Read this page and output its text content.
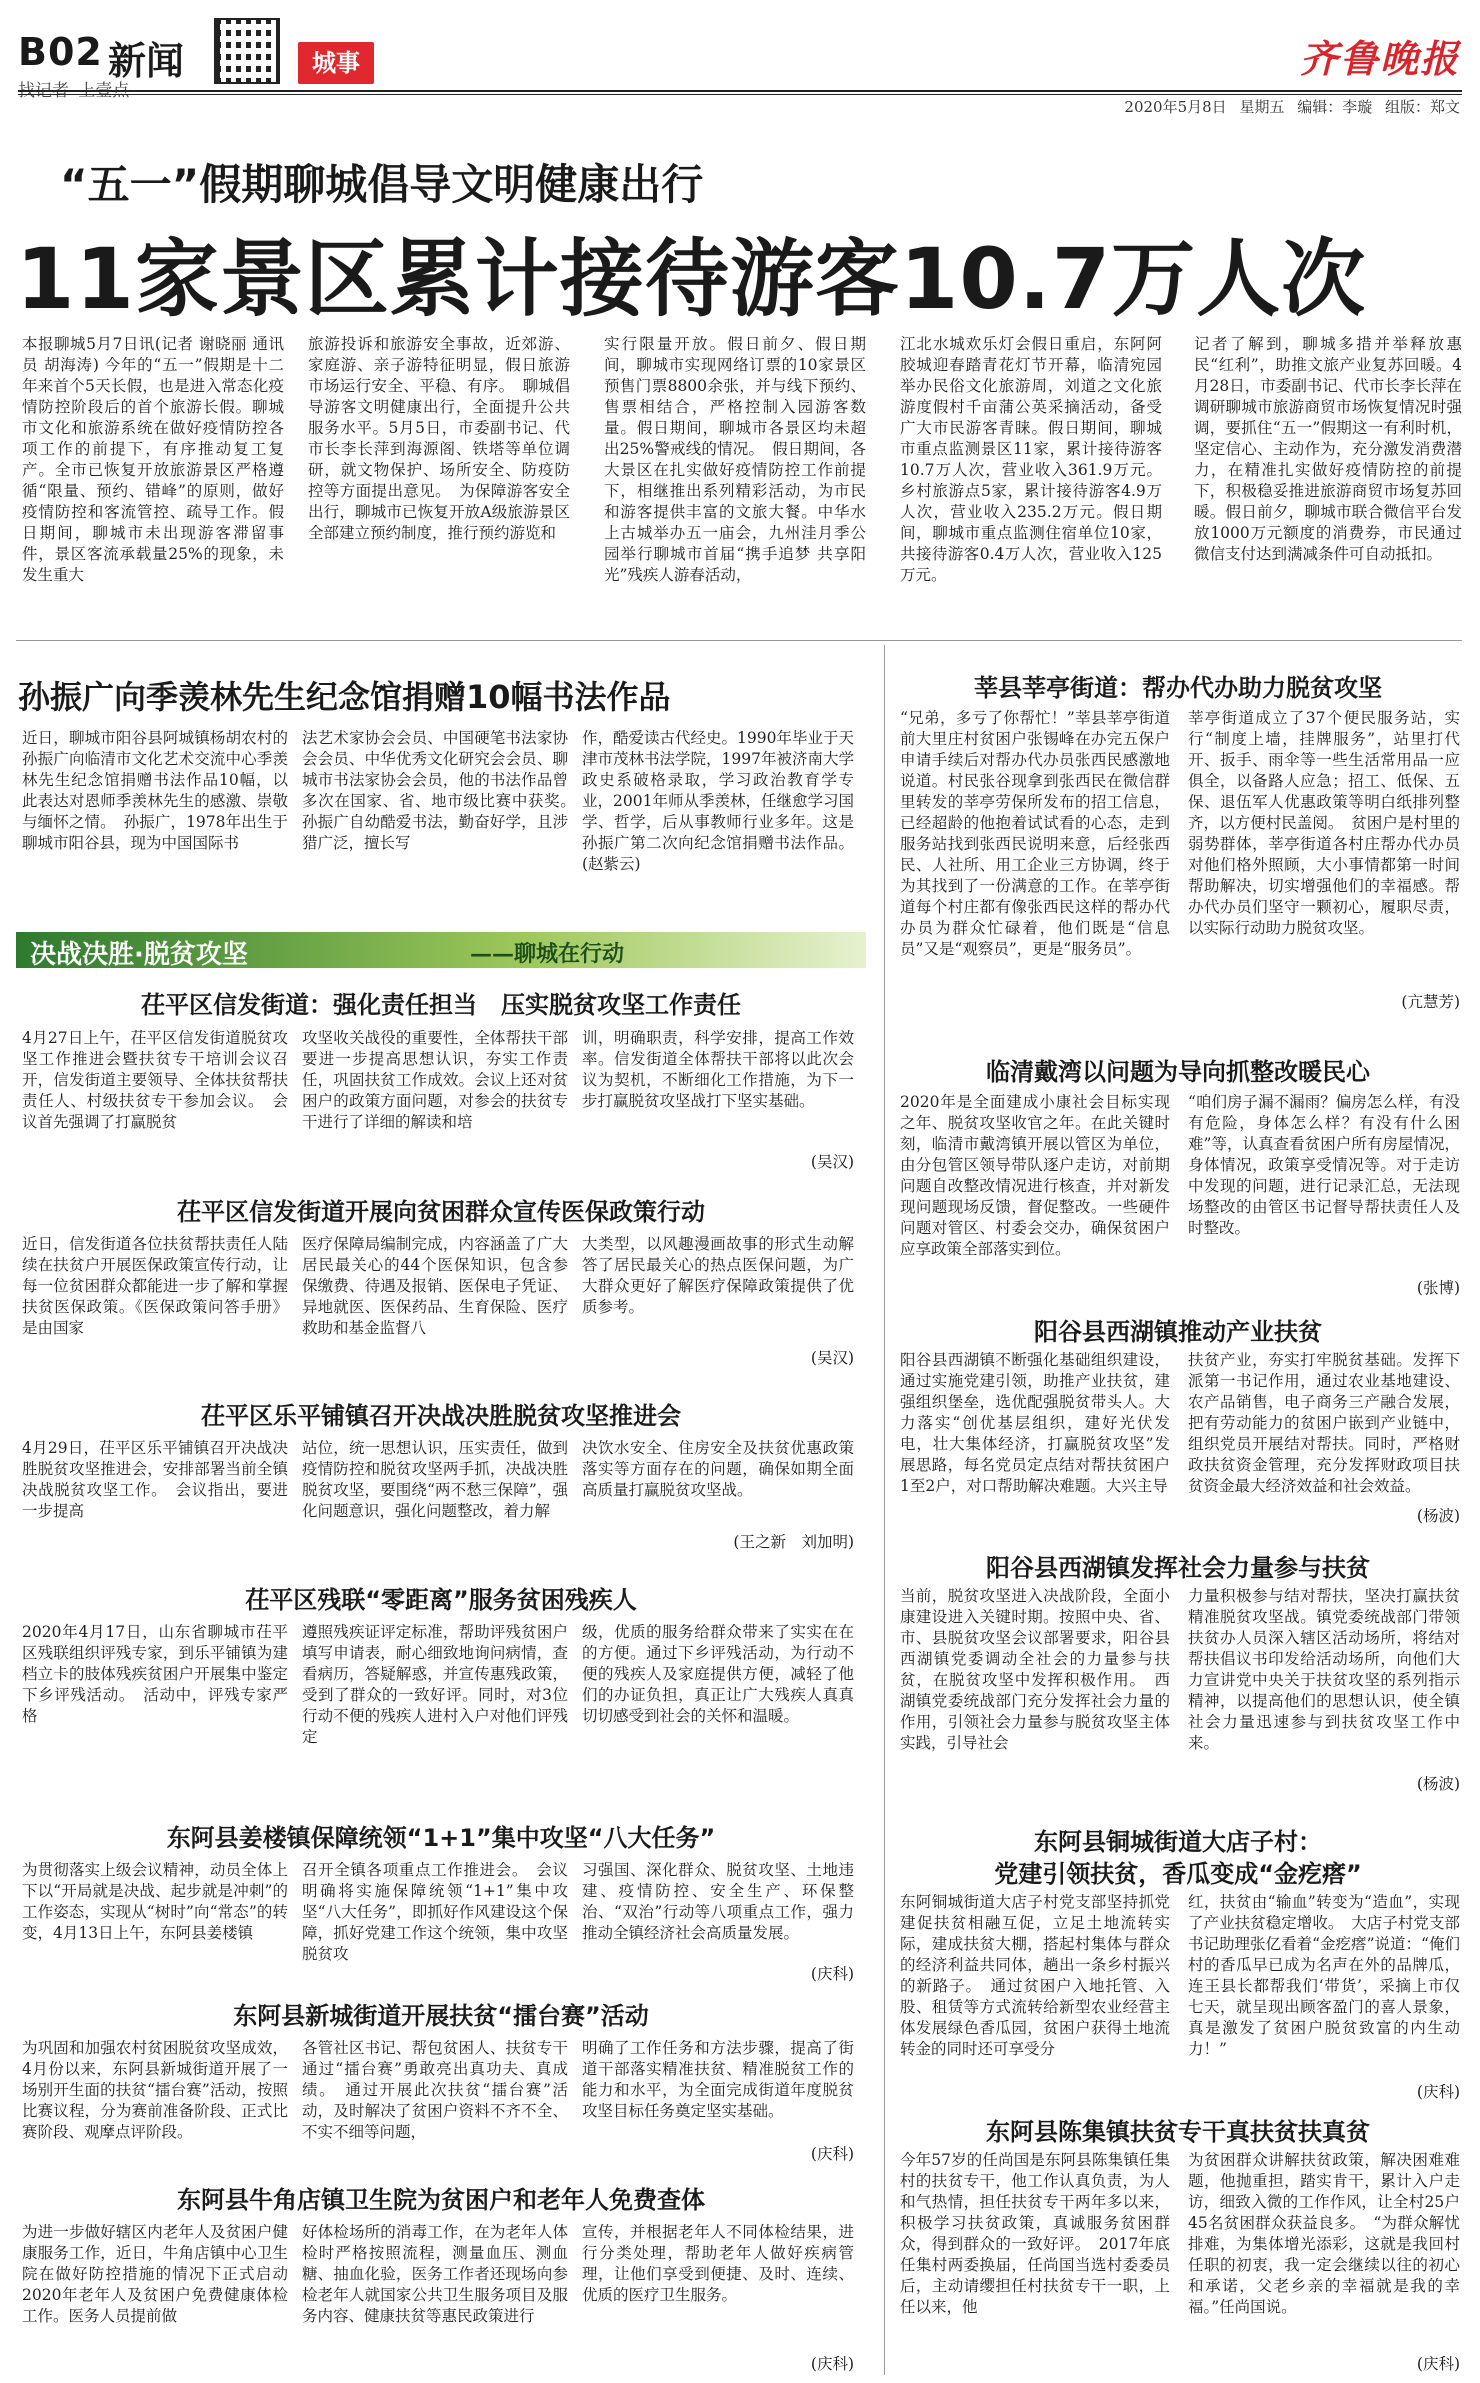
B02 新闻	城事	齐鲁晚报
2020年5月8日 星期五 编辑：李璇 组版：郑文
“五一”假期聊城倡导文明健康出行
11家景区累计接待游客10.7万人次
本报聊城5月7日讯(记者 谢晓丽 通讯员 胡海涛) 今年的“五一”假期是十二年来首个5天长假，也是进入常态化疫情防控阶段后的首个旅游长假。聊城市文化和旅游系统在做好疫情防控各项工作的前提下，有序推动复工复产。全市已恢复开放旅游景区严格遵循“限量、预约、错峰”的原则，做好疫情防控和客流管控、疏导工作。假日期间，聊城市未出现游客滞留事件，景区客流承载量25%的现象，未发生重大
旅游投诉和旅游安全事故，近郊游、家庭游、亲子游特征明显，假日旅游市场运行安全、平稳、有序。　聊城倡导游客文明健康出行，全面提升公共服务水平。5月5日，市委副书记、代市长李长萍到海源阁、铁塔等单位调研，就文物保护、场所安全、防疫防控等方面提出意见。　为保障游客安全出行，聊城市已恢复开放A级旅游景区全部建立预约制度，推行预约游览和
实行限量开放。假日前夕、假日期间，聊城市实现网络订票的10家景区预售门票8800余张，并与线下预约、售票相结合，严格控制入园游客数量。假日期间，聊城市各景区均未超出25%警戒线的情况。　假日期间，各大景区在扎实做好疫情防控工作前提下，相继推出系列精彩活动，为市民和游客提供丰富的文旅大餐。中华水上古城举办五一庙会，九州洼月季公园举行聊城市首届“携手追梦 共享阳光”残疾人游春活动，
江北水城欢乐灯会假日重启，东阿阿胶城迎春踏青花灯节开幕，临清宛园举办民俗文化旅游周，刘道之文化旅游度假村千亩蒲公英采摘活动，备受广大市民游客青睐。假日期间，聊城市重点监测景区11家，累计接待游客10.7万人次，营业收入361.9万元。乡村旅游点5家，累计接待游客4.9万人次，营业收入235.2万元。假日期间，聊城市重点监测住宿单位10家，共接待游客0.4万人次，营业收入125万元。
记者了解到，聊城多措并举释放惠民“红利”，助推文旅产业复苏回暖。4月28日，市委副书记、代市长李长萍在调研聊城市旅游商贸市场恢复情况时强调，要抓住“五一”假期这一有利时机，坚定信心、主动作为，充分激发消费潜力，在精准扎实做好疫情防控的前提下，积极稳妥推进旅游商贸市场复苏回暖。假日前夕，聊城市联合微信平台发放1000万元额度的消费券，市民通过微信支付达到满减条件可自动抵扣。
孙振广向季羡林先生纪念馆捐赠10幅书法作品
近日，聊城市阳谷县阿城镇杨胡农村的孙振广向临清市文化艺术交流中心季羡林先生纪念馆捐赠书法作品10幅，以此表达对恩师季羡林先生的感激、崇敬与缅怀之情。　孙振广，1978年出生于聊城市阳谷县，现为中国国际书
法艺术家协会会员、中国硬笔书法家协会会员、中华优秀文化研究会会员、聊城市书法家协会会员，他的书法作品曾多次在国家、省、地市级比赛中获奖。　孙振广自幼酷爱书法，勤奋好学，且涉猎广泛，擅长写
作，酷爱读古代经史。1990年毕业于天津市茂林书法学院，1997年被济南大学政史系破格录取，学习政治教育学专业，2001年师从季羡林，任继愈学习国学、哲学，后从事教师行业多年。这是孙振广第二次向纪念馆捐赠书法作品。(赵紫云)
决战决胜·脱贫攻坚	——聊城在行动
茌平区信发街道：强化责任担当　压实脱贫攻坚工作责任
4月27日上午，茌平区信发街道脱贫攻坚工作推进会暨扶贫专干培训会议召开，信发街道主要领导、全体扶贫帮扶责任人、村级扶贫专干参加会议。　会议首先强调了打赢脱贫
攻坚收关战役的重要性，全体帮扶干部要进一步提高思想认识，夯实工作责任，巩固扶贫工作成效。会议上还对贫困户的政策方面问题，对参会的扶贫专干进行了详细的解读和培
训，明确职责，科学安排，提高工作效率。信发街道全体帮扶干部将以此次会议为契机，不断细化工作措施，为下一步打赢脱贫攻坚战打下坚实基础。
(吴汉)
茌平区信发街道开展向贫困群众宣传医保政策行动
近日，信发街道各位扶贫帮扶责任人陆续在扶贫户开展医保政策宣传行动，让每一位贫困群众都能进一步了解和掌握扶贫医保政策。《医保政策问答手册》是由国家
医疗保障局编制完成，内容涵盖了广大居民最关心的44个医保知识，包含参保缴费、待遇及报销、医保电子凭证、异地就医、医保药品、生育保险、医疗救助和基金监督八
大类型，以风趣漫画故事的形式生动解答了居民最关心的热点医保问题，为广大群众更好了解医疗保障政策提供了优质参考。
(吴汉)
茌平区乐平铺镇召开决战决胜脱贫攻坚推进会
4月29日，茌平区乐平铺镇召开决战决胜脱贫攻坚推进会，安排部署当前全镇决战脱贫攻坚工作。　会议指出，要进一步提高
站位，统一思想认识，压实责任，做到疫情防控和脱贫攻坚两手抓，决战决胜脱贫攻坚，要围绕“两不愁三保障”，强化问题意识，强化问题整改，着力解
决饮水安全、住房安全及扶贫优惠政策落实等方面存在的问题，确保如期全面高质量打赢脱贫攻坚战。
(王之新　刘加明)
茌平区残联“零距离”服务贫困残疾人
2020年4月17日，山东省聊城市茌平区残联组织评残专家，到乐平铺镇为建档立卡的肢体残疾贫困户开展集中鉴定下乡评残活动。　活动中，评残专家严格
遵照残疾证评定标准，帮助评残贫困户填写申请表，耐心细致地询问病情，查看病历，答疑解惑，并宣传惠残政策，受到了群众的一致好评。同时，对3位行动不便的残疾人进村入户对他们评残定
级，优质的服务给群众带来了实实在在的方便。通过下乡评残活动，为行动不便的残疾人及家庭提供方便，减轻了他们的办证负担，真正让广大残疾人真真切切感受到社会的关怀和温暖。
东阿县姜楼镇保障统领“1+1”集中攻坚“八大任务”
为贯彻落实上级会议精神，动员全体上下以“开局就是决战、起步就是冲刺”的工作姿态，实现从“树时”向“常态”的转变，4月13日上午，东阿县姜楼镇
召开全镇各项重点工作推进会。　会议明确将实施保障统领“1+1”集中攻坚“八大任务”，即抓好作风建设这个保障，抓好党建工作这个统领，集中攻坚脱贫攻
习强国、深化群众、脱贫攻坚、土地违建、疫情防控、安全生产、环保整治、“双治”行动等八项重点工作，强力推动全镇经济社会高质量发展。
(庆科)
东阿县新城街道开展扶贫“擂台赛”活动
为巩固和加强农村贫困脱贫攻坚成效，4月份以来，东阿县新城街道开展了一场别开生面的扶贫“擂台赛”活动，按照比赛议程，分为赛前准备阶段、正式比赛阶段、观摩点评阶段。
各管社区书记、帮包贫困人、扶贫专干通过“擂台赛”勇敢亮出真功夫、真成绩。　通过开展此次扶贫“擂台赛”活动，及时解决了贫困户资料不齐不全、不实不细等问题，
明确了工作任务和方法步骤，提高了街道干部落实精准扶贫、精准脱贫工作的能力和水平，为全面完成街道年度脱贫攻坚目标任务奠定坚实基础。
(庆科)
东阿县牛角店镇卫生院为贫困户和老年人免费查体
为进一步做好辖区内老年人及贫困户健康服务工作，近日，牛角店镇中心卫生院在做好防控措施的情况下正式启动2020年老年人及贫困户免费健康体检工作。医务人员提前做
好体检场所的消毒工作，在为老年人体检时严格按照流程，测量血压、测血糖、抽血化验，医务工作者还现场向参检老年人就国家公共卫生服务项目及服务内容、健康扶贫等惠民政策进行
宣传，并根据老年人不同体检结果，进行分类处理，帮助老年人做好疾病管理，让他们享受到便捷、及时、连续、优质的医疗卫生服务。
(庆科)
莘县莘亭街道：帮办代办助力脱贫攻坚
“兄弟，多亏了你帮忙！”莘县莘亭街道前大里庄村贫困户张锡峰在办完五保户申请手续后对帮办代办员张西民感激地说道。村民张谷现拿到张西民在微信群里转发的莘亭劳保所发布的招工信息，已经超龄的他抱着试试看的心态，走到服务站找到张西民说明来意，后经张西民、人社所、用工企业三方协调，终于为其找到了一份满意的工作。在莘亭街道每个村庄都有像张西民这样的帮办代办员为群众忙碌着，他们既是“信息员”又是“观察员”，更是“服务员”。
莘亭街道成立了37个便民服务站，实行“制度上墙，挂牌服务”，站里打代开、扳手、雨伞等一些生活常用品一应俱全，以备路人应急；招工、低保、五保、退伍军人优惠政策等明白纸排列整齐，以方便村民盖阅。　贫困户是村里的弱势群体，莘亭街道各村庄帮办代办员对他们格外照顾，大小事情都第一时间帮助解决，切实增强他们的幸福感。帮办代办员们坚守一颗初心，履职尽责，以实际行动助力脱贫攻坚。
(亢慧芳)
临清戴湾以问题为导向抓整改暖民心
2020年是全面建成小康社会目标实现之年、脱贫攻坚收官之年。在此关键时刻，临清市戴湾镇开展以管区为单位，由分包管区领导带队逐户走访，对前期问题自改整改情况进行核查，并对新发现问题现场反馈，督促整改。一些硬件问题对管区、村委会交办，确保贫困户应享政策全部落实到位。
“咱们房子漏不漏雨？偏房怎么样，有没有危险，身体怎么样？有没有什么困难”等，认真查看贫困户所有房屋情况，身体情况，政策享受情况等。对于走访中发现的问题，进行记录汇总，无法现场整改的由管区书记督导帮扶责任人及时整改。
(张博)
阳谷县西湖镇推动产业扶贫
阳谷县西湖镇不断强化基础组织建设，通过实施党建引领，助推产业扶贫，建强组织堡垒，选优配强脱贫带头人。大力落实“创优基层组织，建好光伏发电，壮大集体经济，打赢脱贫攻坚”发展思路，每名党员定点结对帮扶贫困户1至2户，对口帮助解决难题。大兴主导
扶贫产业，夯实打牢脱贫基础。发挥下派第一书记作用，通过农业基地建设、农产品销售，电子商务三产融合发展，把有劳动能力的贫困户嵌到产业链中，组织党员开展结对帮扶。同时，严格财政扶贫资金管理，充分发挥财政项目扶贫资金最大经济效益和社会效益。
(杨波)
阳谷县西湖镇发挥社会力量参与扶贫
当前，脱贫攻坚进入决战阶段，全面小康建设进入关键时期。按照中央、省、市、县脱贫攻坚会议部署要求，阳谷县西湖镇党委调动全社会的力量参与扶贫，在脱贫攻坚中发挥积极作用。　西湖镇党委统战部门充分发挥社会力量的作用，引领社会力量参与脱贫攻坚主体实践，引导社会
力量积极参与结对帮扶，坚决打赢扶贫精准脱贫攻坚战。镇党委统战部门带领扶贫办人员深入辖区活动场所，将结对帮扶倡议书印发给活动场所，向他们大力宣讲党中央关于扶贫攻坚的系列指示精神，以提高他们的思想认识，使全镇社会力量迅速参与到扶贫攻坚工作中来。
(杨波)
东阿县铜城街道大店子村：
党建引领扶贫，香瓜变成“金疙瘩”
东阿铜城街道大店子村党支部坚持抓党建促扶贫相融互促，立足土地流转实际，建成扶贫大棚，搭起村集体与群众的经济利益共同体，趟出一条乡村振兴的新路子。　通过贫困户入地托管、入股、租赁等方式流转给新型农业经营主体发展绿色香瓜园，贫困户获得土地流转金的同时还可享受分
红，扶贫由“输血”转变为“造血”，实现了产业扶贫稳定增收。　大店子村党支部书记助理张亿看着“金疙瘩”说道：“俺们村的香瓜早已成为名声在外的品牌瓜，连王县长都帮我们‘带货’，采摘上市仅七天，就呈现出顾客盈门的喜人景象，真是激发了贫困户脱贫致富的内生动力！”
(庆科)
东阿县陈集镇扶贫专干真扶贫扶真贫
今年57岁的任尚国是东阿县陈集镇任集村的扶贫专干，他工作认真负责，为人和气热情，担任扶贫专干两年多以来，积极学习扶贫政策，真诚服务贫困群众，得到群众的一致好评。　2017年底任集村两委换届，任尚国当选村委委员后，主动请缨担任村扶贫专干一职，上任以来，他
为贫困群众讲解扶贫政策，解决困难难题，他抛重担，踏实肯干，累计入户走访，细致入微的工作作风，让全村25户45名贫困群众获益良多。　“为群众解忧排难，为集体增光添彩，这就是我回村任职的初衷，我一定会继续以往的初心和承诺，父老乡亲的幸福就是我的幸福。”任尚国说。
(庆科)
